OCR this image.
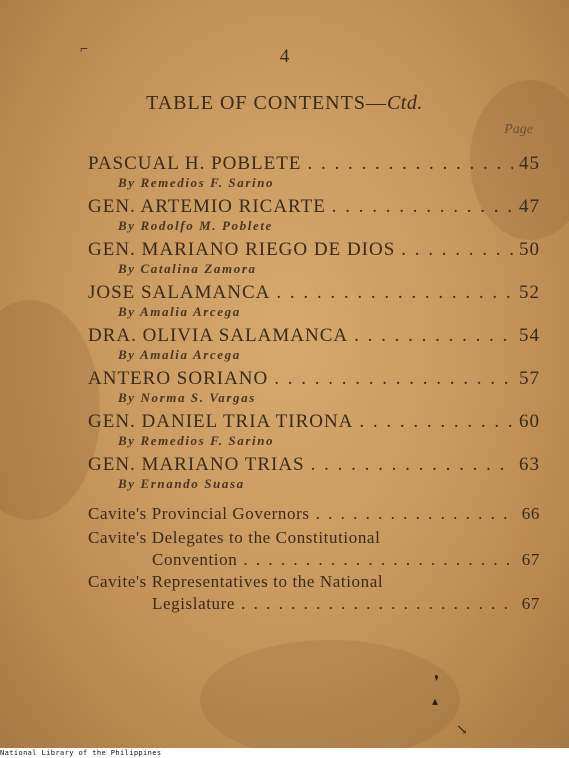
⌐
❜
▴
↘
4
TABLE OF CONTENTS—Ctd.
Page
PASCUAL H. POBLETE . . .	45
By Remedios F. Sarino
GEN. ARTEMIO RICARTE . . .	47
By Rodolfo M. Poblete
GEN. MARIANO RIEGO DE DIOS . . .	50
By Catalina Zamora
JOSE SALAMANCA . . .	52
By Amalia Arcega
DRA. OLIVIA SALAMANCA . . .	54
By Amalia Arcega
ANTERO SORIANO . . .	57
By Norma S. Vargas
GEN. DANIEL TRIA TIRONA . . .	60
By Remedios F. Sarino
GEN. MARIANO TRIAS . . .	63
By Ernando Suasa
Cavite's Provincial Governors . . .	66
Cavite's Delegates to the Constitutional
Convention . . .	67
Cavite's Representatives to the National
Legislature . . .	67
National Library of the Philippines
